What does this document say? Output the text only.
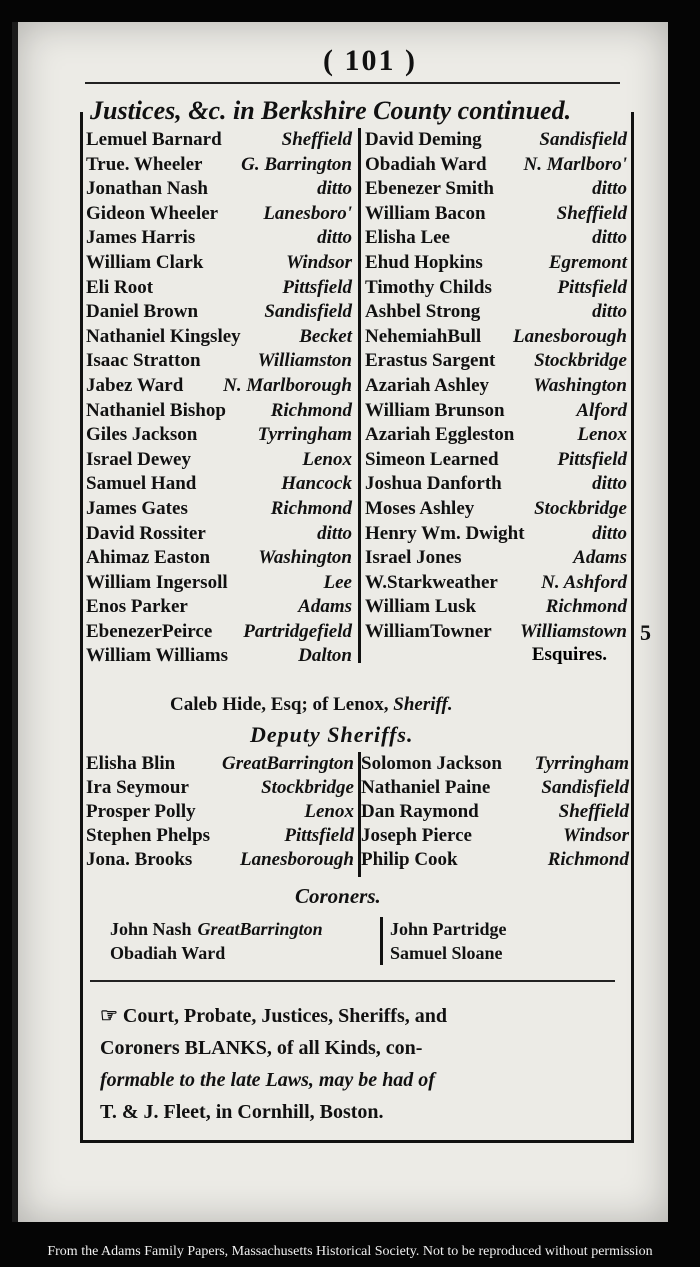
( 101 )
Justices, &c. in Berkshire County continued.
Lemuel Barnard	Sheffield
True. Wheeler G. Barrington
Jonathan Nash	ditto
Gideon Wheeler Lanesboro'
James Harris	ditto
William Clark	Windsor
Eli Root	Pittsfield
Daniel Brown	Sandisfield
Nathaniel Kingsley	Becket
Isaac Stratton	Williamston
Jabez Ward N. Marlborough
Nathaniel Bishop Richmond
Giles Jackson	Tyrringham
Israel Dewey	Lenox
Samuel Hand	Hancock
James Gates	Richmond
David Rossiter	ditto
Ahimaz Easton	Washington
William Ingersoll	Lee
Enos Parker	Adams
EbenezerPeirce Partridgefield
William Williams	Dalton
David Deming	Sandisfield
Obadiah Ward N. Marlboro'
Ebenezer Smith	ditto
William Bacon	Sheffield
Elisha Lee	ditto
Ehud Hopkins	Egremont
Timothy Childs	Pittsfield
Ashbel Strong	ditto
NehemiahBull Lanesborough
Erastus Sargent Stockbridge
Azariah Ashley Washington
William Brunson	Alford
Azariah Eggleston	Lenox
Simeon Learned	Pittsfield
Joshua Danforth	ditto
Moses Ashley	Stockbridge
Henry Wm. Dwight	ditto
Israel Jones	Adams
W.Starkweather N. Ashford
William Lusk	Richmond
WilliamTowner Williamstown
Esquires.
5
Caleb Hide, Esq; of Lenox, Sheriff.
Deputy Sheriffs.
Elisha Blin GreatBarrington
Ira Seymour	Stockbridge
Prosper Polly	Lenox
Stephen Phelps	Pittsfield
Jona. Brooks	Lanesborough
Solomon Jackson Tyrringham
Nathaniel Paine	Sandisfield
Dan Raymond	Sheffield
Joseph Pierce	Windsor
Philip Cook	Richmond
Coroners.
John Nash GreatBarrington
Obadiah Ward
John Partridge
Samuel Sloane
☞ Court, Probate, Justices, Sheriffs, and
Coroners BLANKS, of all Kinds, con-
formable to the late Laws, may be had of
T. & J. Fleet, in Cornhill, Boston.
From the Adams Family Papers, Massachusetts Historical Society. Not to be reproduced without permission
